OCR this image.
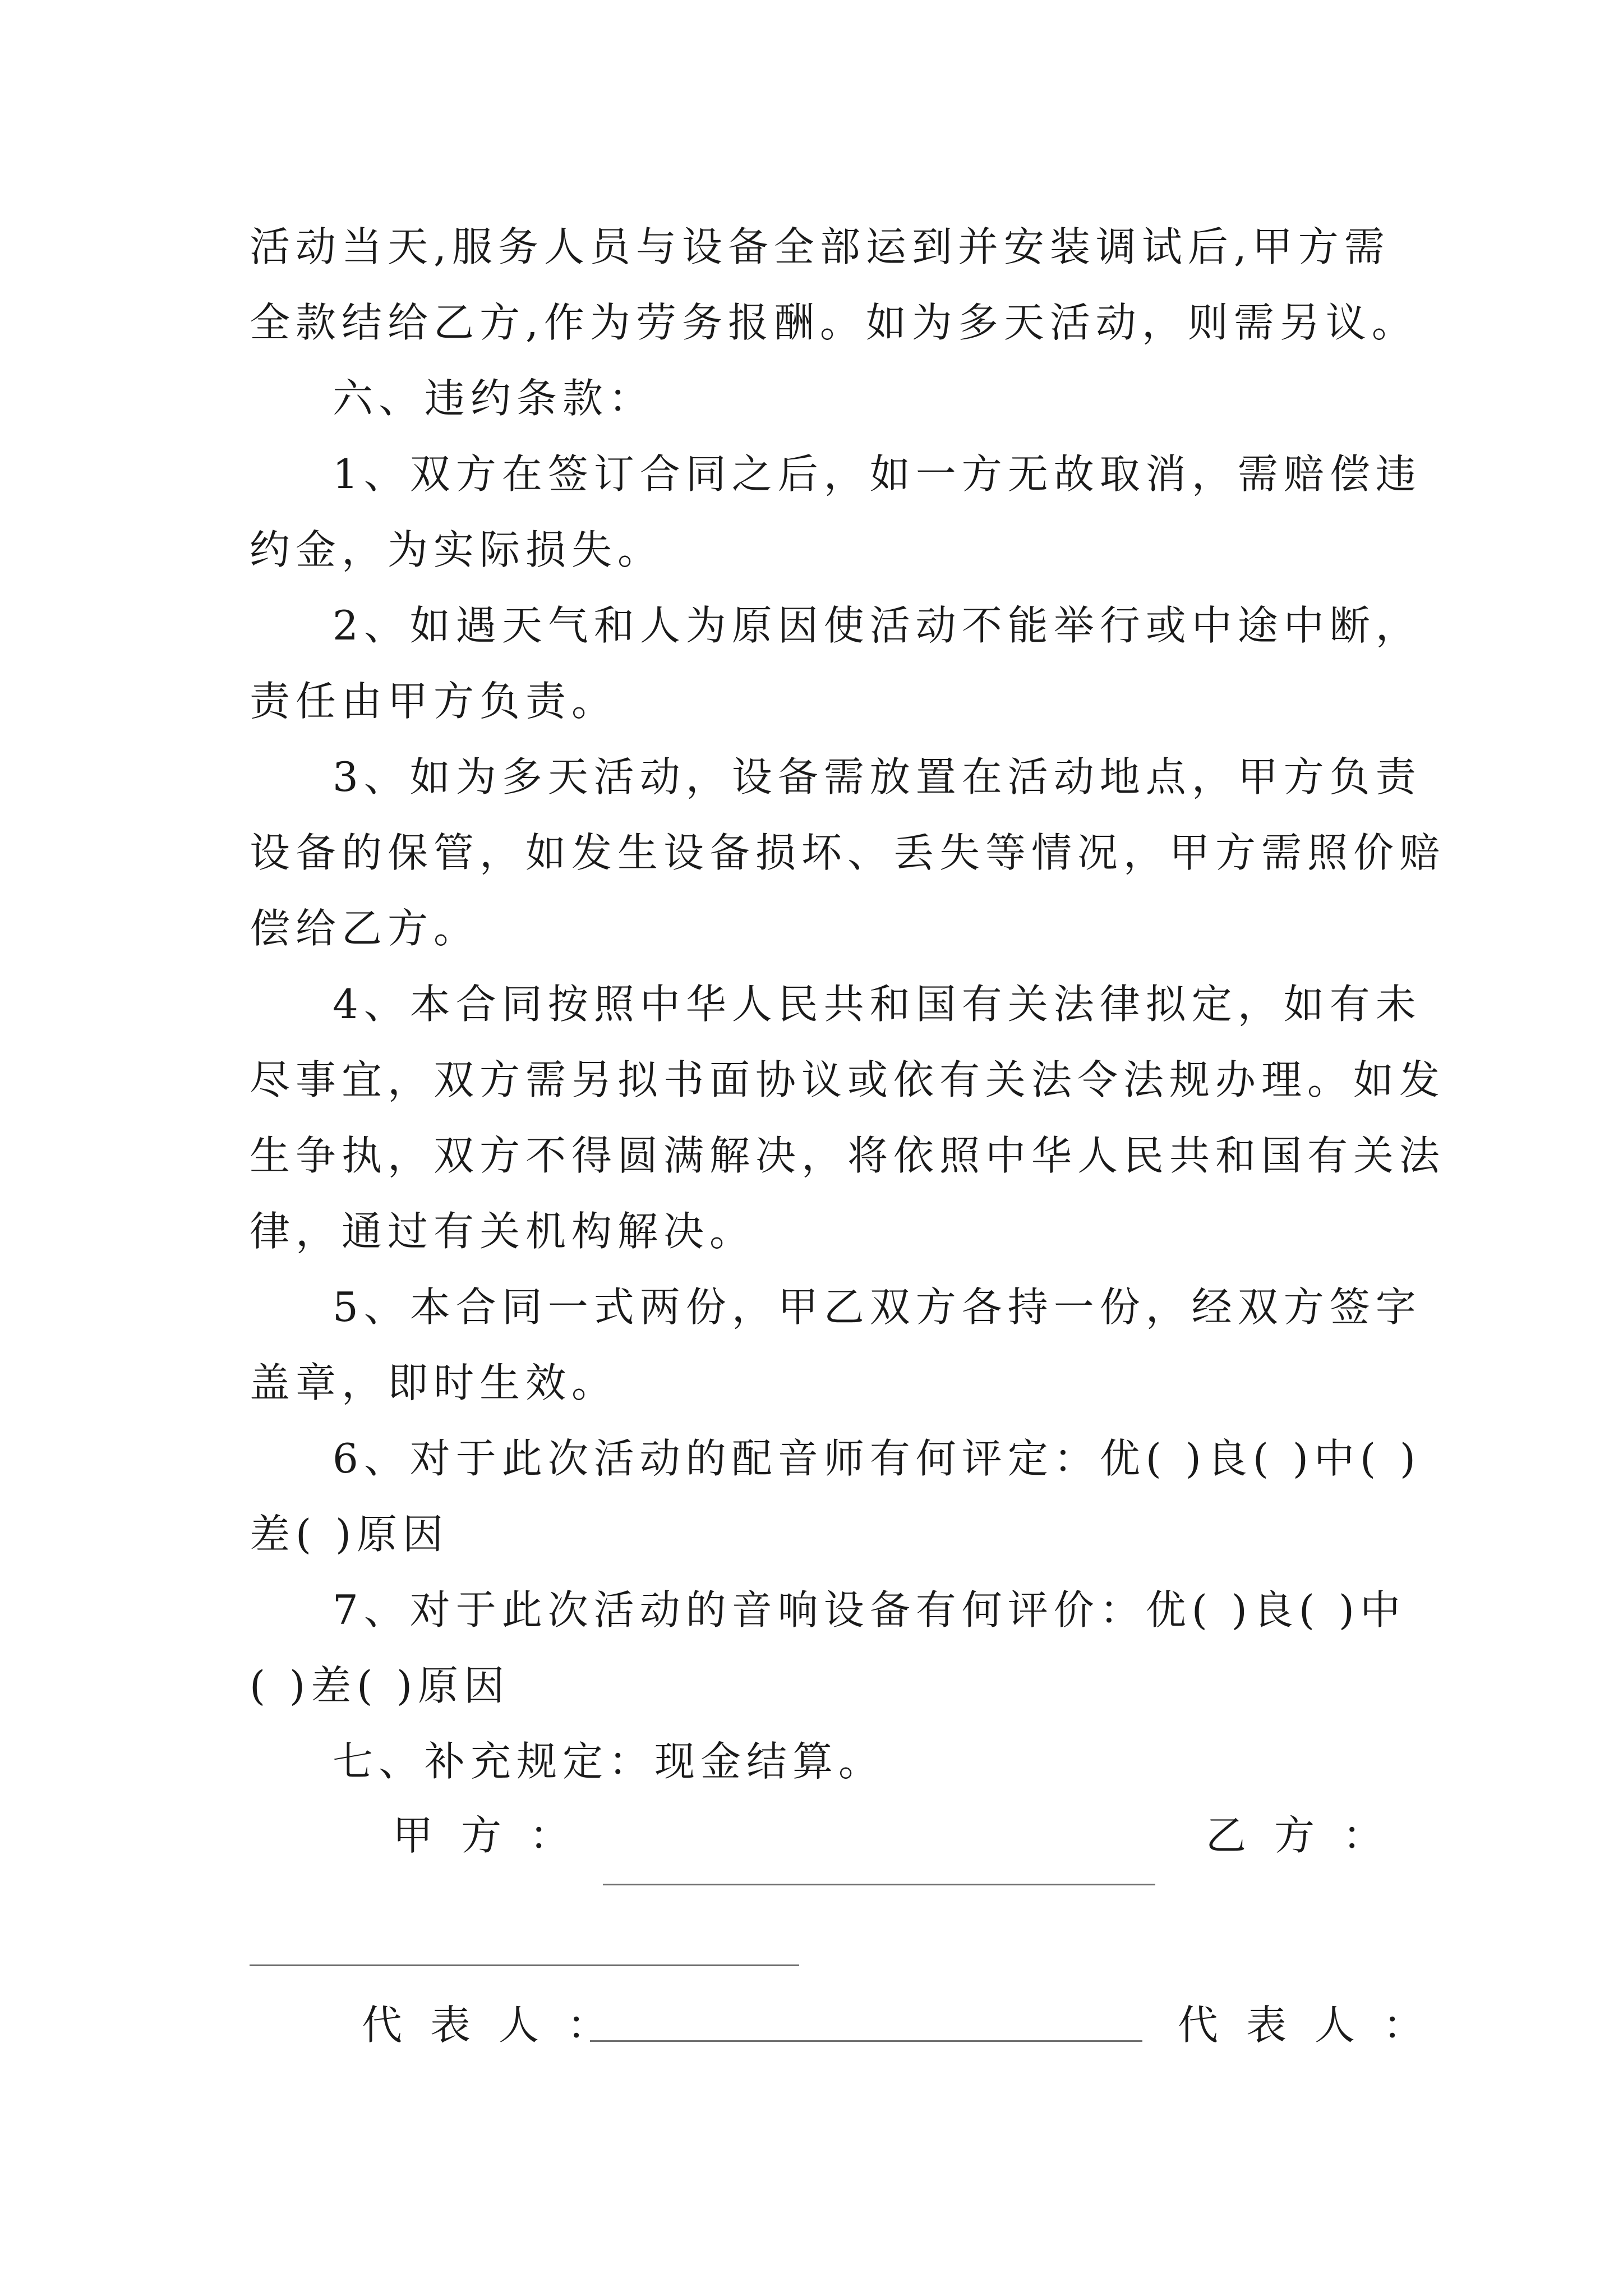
活动当天,服务人员与设备全部运到并安装调试后,甲方需
全款结给乙方,作为劳务报酬。如为多天活动，则需另议。
六、违约条款：
1、双方在签订合同之后，如一方无故取消，需赔偿违
约金，为实际损失。
2、如遇天气和人为原因使活动不能举行或中途中断，
责任由甲方负责。
3、如为多天活动，设备需放置在活动地点，甲方负责
设备的保管，如发生设备损坏、丢失等情况，甲方需照价赔
偿给乙方。
4、本合同按照中华人民共和国有关法律拟定，如有未
尽事宜，双方需另拟书面协议或依有关法令法规办理。如发
生争执，双方不得圆满解决，将依照中华人民共和国有关法
律，通过有关机构解决。
5、本合同一式两份，甲乙双方各持一份，经双方签字
盖章，即时生效。
6、对于此次活动的配音师有何评定：优( )良( )中( )
差( )原因
7、对于此次活动的音响设备有何评价：优( )良( )中
( )差( )原因
七、补充规定：现金结算。
甲方：	乙方：
代表人：	代表人：
